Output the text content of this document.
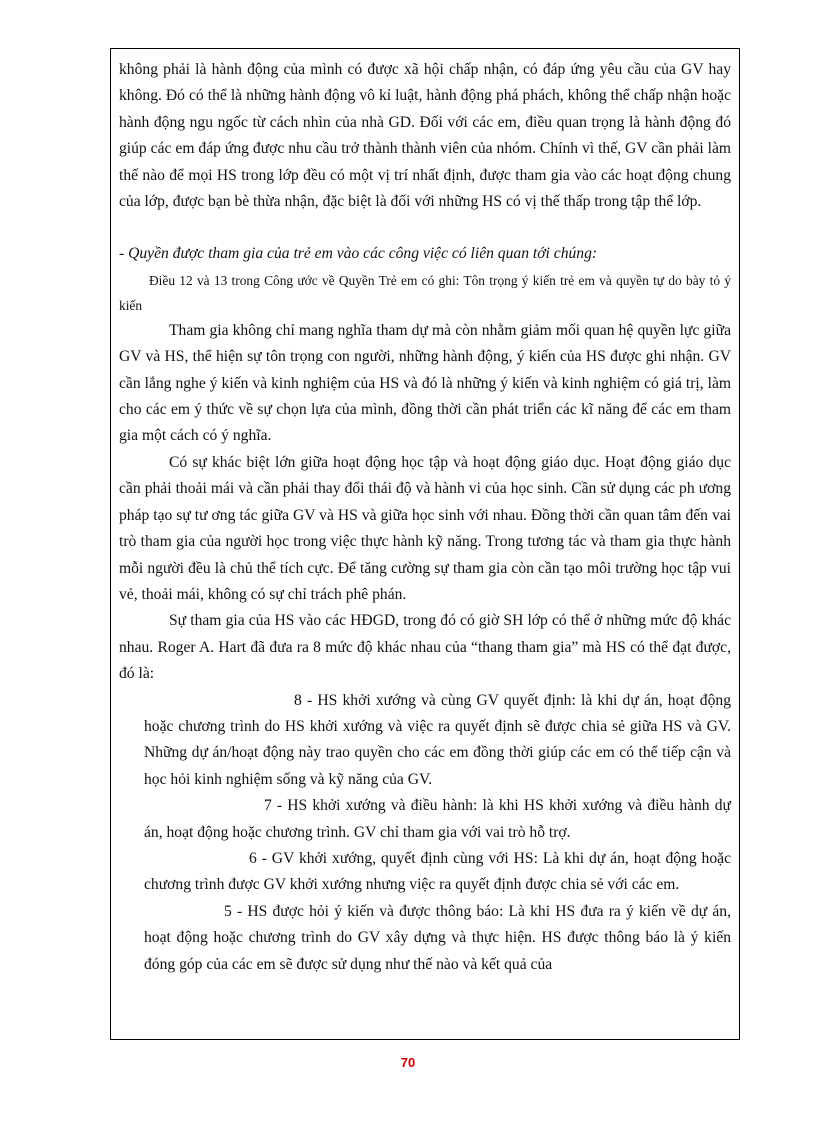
không phải là hành động của mình có được xã hội chấp nhận, có đáp ứng yêu cầu của GV hay không. Đó có thể là những hành động vô kỉ luật, hành động phá phách, không thể chấp nhận hoặc hành động ngu ngốc từ cách nhìn của nhà GD. Đối với các em, điều quan trọng là hành động đó giúp các em đáp ứng được nhu cầu trở thành thành viên của nhóm. Chính vì thế, GV cần phải làm thế nào để mọi HS trong lớp đều có một vị trí nhất định, được tham gia vào các hoạt động chung của lớp, được bạn bè thừa nhận, đặc biệt là đối với những HS có vị thế thấp trong tập thể lớp.

- Quyền được tham gia của trẻ em vào các công việc có liên quan tới chúng:

Điều 12 và 13 trong Công ước về Quyền Trẻ em có ghi: Tôn trọng ý kiến trẻ em và quyền tự do bày tỏ ý kiến

Tham gia không chỉ mang nghĩa tham dự mà còn nhằm giảm mối quan hệ quyền lực giữa GV và HS, thể hiện sự tôn trọng con người, những hành động, ý kiến của HS được ghi nhận. GV cần lắng nghe ý kiến và kinh nghiệm của HS và đó là những ý kiến và kinh nghiệm có giá trị, làm cho các em ý thức về sự chọn lựa của mình, đồng thời cần phát triển các kĩ năng để các em tham gia một cách có ý nghĩa.

Có sự khác biệt lớn giữa hoạt động học tập và hoạt động giáo dục. Hoạt động giáo dục cần phải thoải mái và cần phải thay đổi thái độ và hành vi của học sinh. Cần sử dụng các ph ương pháp tạo sự tư ơng tác giữa GV và HS và giữa học sinh với nhau. Đồng thời cần quan tâm đến vai trò tham gia của người học trong việc thực hành kỹ năng. Trong tương tác và tham gia thực hành mỗi người đều là chủ thể tích cực. Để tăng cường sự tham gia còn cần tạo môi trường học tập vui vẻ, thoải mái, không có sự chỉ trách phê phán.

Sự tham gia của HS vào các HĐGD, trong đó có giờ SH lớp có thể ở những mức độ khác nhau. Roger A. Hart đã đưa ra 8 mức độ khác nhau của “thang tham gia” mà HS có thể đạt được, đó là:

8 - HS khởi xướng và cùng GV quyết định: là khi dự án, hoạt động hoặc chương trình do HS khởi xướng và việc ra quyết định sẽ được chia sẻ giữa HS và GV. Những dự án/hoạt động này trao quyền cho các em đồng thời giúp các em có thể tiếp cận và học hỏi kinh nghiệm sống và kỹ năng của GV.

7 - HS khởi xướng và điều hành: là khi HS khởi xướng và điều hành dự án, hoạt động hoặc chương trình. GV chỉ tham gia với vai trò hỗ trợ.

6 - GV khởi xướng, quyết định cùng với HS: Là khi dự án, hoạt động hoặc chương trình được GV khởi xướng nhưng việc ra quyết định được chia sẻ với các em.

5 - HS được hỏi ý kiến và được thông báo: Là khi HS đưa ra ý kiến về dự án, hoạt động hoặc chương trình do GV xây dựng và thực hiện. HS được thông báo là ý kiến đóng góp của các em sẽ được sử dụng như thế nào và kết quả của

70
